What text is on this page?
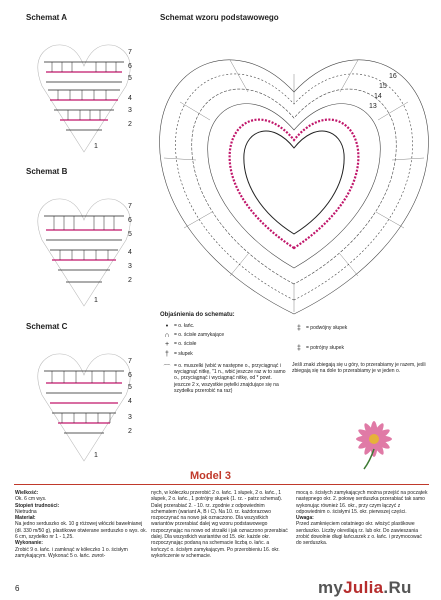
Schemat A
7
6
5
4
3
2
1
Schemat B
7
6
5
4
3
2
1
Schemat C
7
6
5
4
3
2
1
Schemat wzoru podstawowego
16
15
14
13
Objaśnienia do schematu:
•	= o. łańc.
∩ = o. ścisłe zamykające
+ = o. ścisłe
†	= słupek
⌒ = o. muszelki (wbić w następne o., przyciągnąć i wyciągnąć nitkę, "1 n., wbić jeszcze raz w to samo o., przyciągnąć i wyciągnąć nitkę, od * powt. jeszcze 2 x, wszystkie pętelki znajdujące się na szydełku przerobić na raz)
‡	= podwójny słupek
‡	= potrójny słupek
Jeśli znaki zbiegają się u góry, to przerabiamy je razem, jeśli zbiegają się na dole to przerabiamy je w jeden o.
Model 3
Wielkość:
Ok. 6 cm wys.
Stopień trudności:
Nietrudna
Materiał:
Na jedno serduszko ok. 10 g różowej włóczki bawełnianej (dł. 330 m/50 g), plastikowe otwierane serduszko o wys. ok. 6 cm, szydełko nr 1 - 1,25.
Wykonanie:
Zrobić 9 o. łańc. i zamknąć w kółeczko 1 o. ścisłym zamykającym. Wykonać 5 o. łańc. zwrot-
nych, w kółeczku przerobić 2 o. łańc. 1 słupek, 2 o. łańc., 1 słupek, 2 o. łańc., 1 potrójny słupek (1. rz. - patrz schemat). Dalej przerabiać 2. - 10. rz. zgodnie z odpowiednim schematem (wariant A, B i C). Na 10. rz. każdorazowo rozpoczynać na nowo jak oznaczono. Dla wszystkich wariantów przerabiać dalej wg wzoru podstawowego rozpoczynając na nowo od strzałki i jak oznaczono przerabiać dalej. Dla wszystkich wariantów od 15. okr. każde okr. rozpoczynając podaną na schemacie liczbą o. łańc. a kończyć o. ścisłym zamykającym. Po przerobieniu 16. okr. wykończenie w schemacie.
mocą o. ścisłych zamykających można przejść na początek następnego okr. 2. połowę serduszka przerabiać tak samo wykonując również 16. okr., przy czym łączyć z odpowiednim o. ścisłymi 15. okr. pierwszej części.
Uwaga:
Przed zamknięciem ostatniego okr. włożyć plastikowe serduszko. Liczby określają rz. lub okr. Do zawieszania zrobić dowolnie długi łańcuszek z o. łańc. i przymocować do serduszka.
6	myJulia.Ru
